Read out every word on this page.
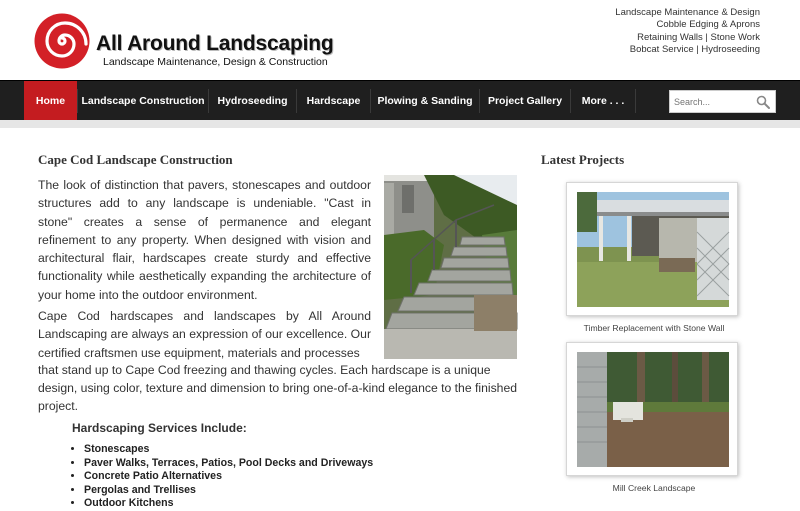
All Around Landscaping
Landscape Maintenance, Design & Construction
Landscape Maintenance & Design
Cobble Edging & Aprons
Retaining Walls | Stone Work
Bobcat Service | Hydroseeding
Home	Landscape Construction	Hydroseeding	Hardscape	Plowing & Sanding	Project Gallery	More . . .
Search...
Cape Cod Landscape Construction
The look of distinction that pavers, stonescapes and outdoor structures add to any landscape is undeniable. "Cast in stone" creates a sense of permanence and elegant refinement to any property. When designed with vision and architectural flair, hardscapes create sturdy and effective functionality while aesthetically expanding the architecture of your home into the outdoor environment.
Cape Cod hardscapes and landscapes by All Around Landscaping are always an expression of our excellence. Our certified craftsmen use equipment, materials and processes
that stand up to Cape Cod freezing and thawing cycles. Each hardscape is a unique
design, using color, texture and dimension to bring one-of-a-kind elegance to the finished project.
Hardscaping Services Include:
• Stonescapes
• Paver Walks, Terraces, Patios, Pool Decks and Driveways
• Concrete Patio Alternatives
• Pergolas and Trellises
• Outdoor Kitchens
Latest Projects
Timber Replacement with Stone Wall
Mill Creek Landscape
